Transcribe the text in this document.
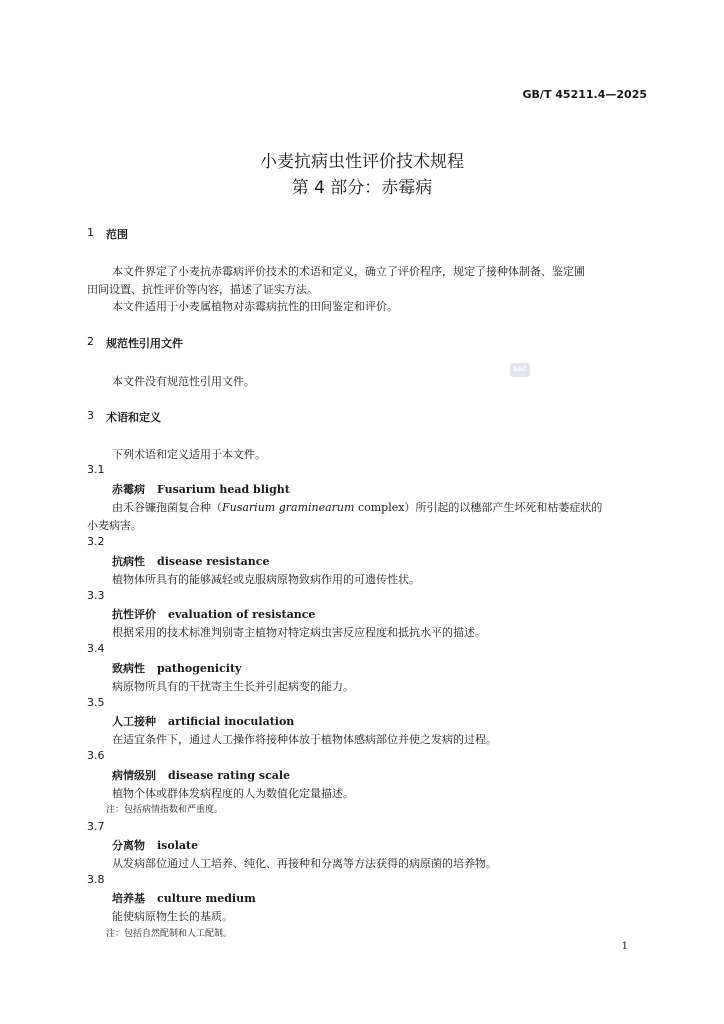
GB/T 45211.4—2025
小麦抗病虫性评价技术规程
第 4 部分：赤霉病
1 范围
本文件界定了小麦抗赤霉病评价技术的术语和定义，确立了评价程序，规定了接种体制备、鉴定圃
田间设置、抗性评价等内容，描述了证实方法。
本文件适用于小麦属植物对赤霉病抗性的田间鉴定和评价。
2 规范性引用文件
本文件没有规范性引用文件。
SAC
3 术语和定义
下列术语和定义适用于本文件。
3.1
赤霉病 Fusarium head blight
由禾谷镰孢菌复合种（Fusarium graminearum complex）所引起的以穗部产生坏死和枯萎症状的
小麦病害。
3.2
抗病性 disease resistance
植物体所具有的能够减轻或克服病原物致病作用的可遗传性状。
3.3
抗性评价 evaluation of resistance
根据采用的技术标准判别寄主植物对特定病虫害反应程度和抵抗水平的描述。
3.4
致病性 pathogenicity
病原物所具有的干扰寄主生长并引起病变的能力。
3.5
人工接种 artificial inoculation
在适宜条件下，通过人工操作将接种体放于植物体感病部位并使之发病的过程。
3.6
病情级别 disease rating scale
植物个体或群体发病程度的人为数值化定量描述。
注：包括病情指数和严重度。
3.7
分离物 isolate
从发病部位通过人工培养、纯化、再接种和分离等方法获得的病原菌的培养物。
3.8
培养基 culture medium
能使病原物生长的基质。
注：包括自然配制和人工配制。
1
